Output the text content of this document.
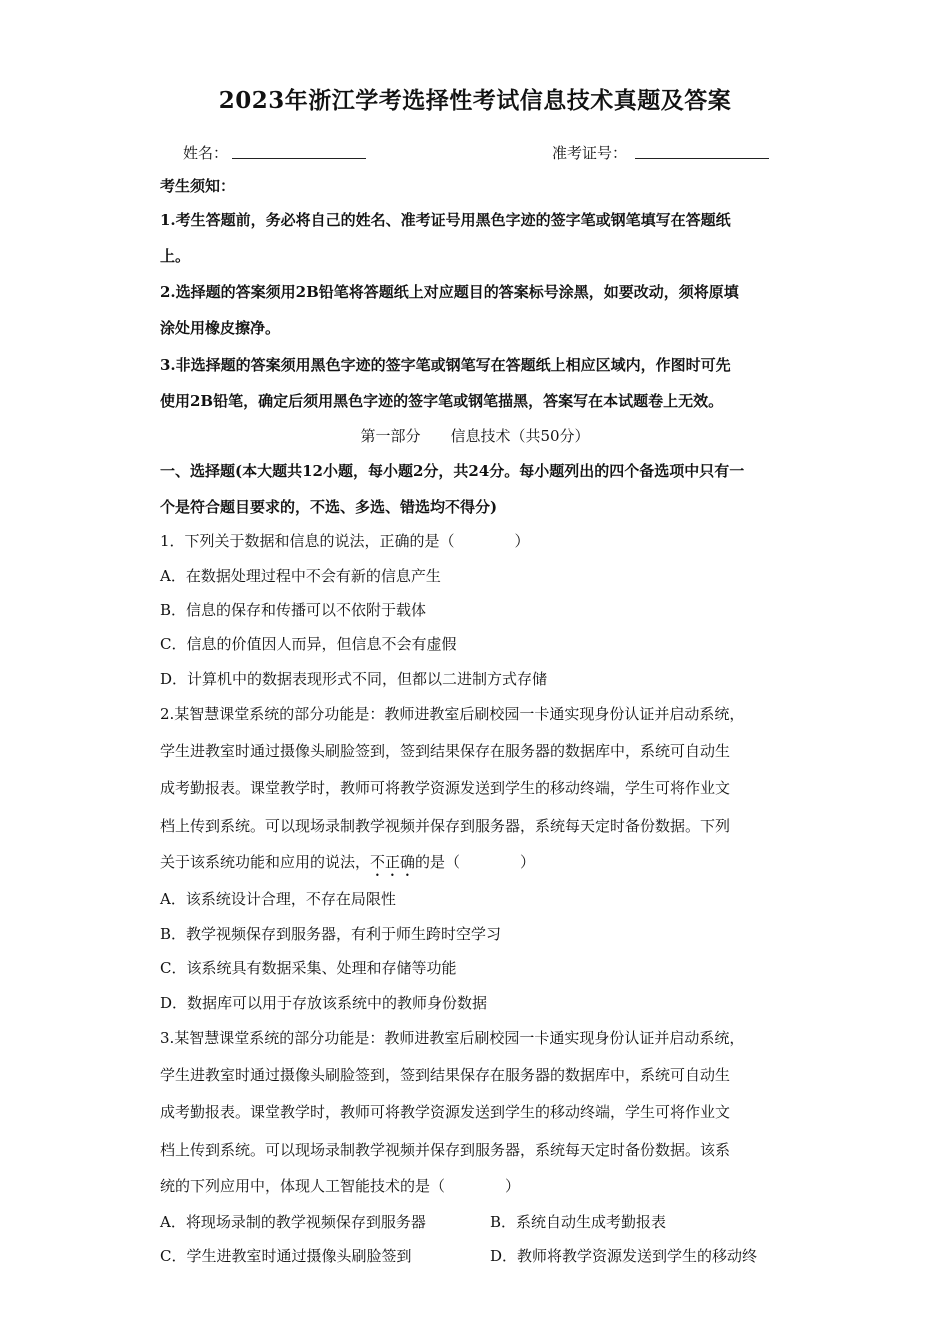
2023年浙江学考选择性考试信息技术真题及答案
姓名：	准考证号：
考生须知：
1.考生答题前，务必将自己的姓名、准考证号用黑色字迹的签字笔或钢笔填写在答题纸
上。
2.选择题的答案须用2B铅笔将答题纸上对应题目的答案标号涂黑，如要改动，须将原填
涂处用橡皮擦净。
3.非选择题的答案须用黑色字迹的签字笔或钢笔写在答题纸上相应区域内，作图时可先
使用2B铅笔，确定后须用黑色字迹的签字笔或钢笔描黑，答案写在本试题卷上无效。
第一部分　　信息技术（共50分）
一、选择题(本大题共12小题，每小题2分，共24分。每小题列出的四个备选项中只有一
个是符合题目要求的，不选、多选、错选均不得分)
1．下列关于数据和信息的说法，正确的是（　　　　）
A．在数据处理过程中不会有新的信息产生
B．信息的保存和传播可以不依附于载体
C．信息的价值因人而异，但信息不会有虚假
D．计算机中的数据表现形式不同，但都以二进制方式存储
2.某智慧课堂系统的部分功能是：教师进教室后刷校园一卡通实现身份认证并启动系统，
学生进教室时通过摄像头刷脸签到，签到结果保存在服务器的数据库中，系统可自动生
成考勤报表。课堂教学时，教师可将教学资源发送到学生的移动终端，学生可将作业文
档上传到系统。可以现场录制教学视频并保存到服务器，系统每天定时备份数据。下列
关于该系统功能和应用的说法，不正确的是（　　　　）
A．该系统设计合理，不存在局限性
B．教学视频保存到服务器，有利于师生跨时空学习
C．该系统具有数据采集、处理和存储等功能
D．数据库可以用于存放该系统中的教师身份数据
3.某智慧课堂系统的部分功能是：教师进教室后刷校园一卡通实现身份认证并启动系统，
学生进教室时通过摄像头刷脸签到，签到结果保存在服务器的数据库中，系统可自动生
成考勤报表。课堂教学时，教师可将教学资源发送到学生的移动终端，学生可将作业文
档上传到系统。可以现场录制教学视频并保存到服务器，系统每天定时备份数据。该系
统的下列应用中，体现人工智能技术的是（　　　　）
A．将现场录制的教学视频保存到服务器	B．系统自动生成考勤报表
C．学生进教室时通过摄像头刷脸签到	D．教师将教学资源发送到学生的移动终
